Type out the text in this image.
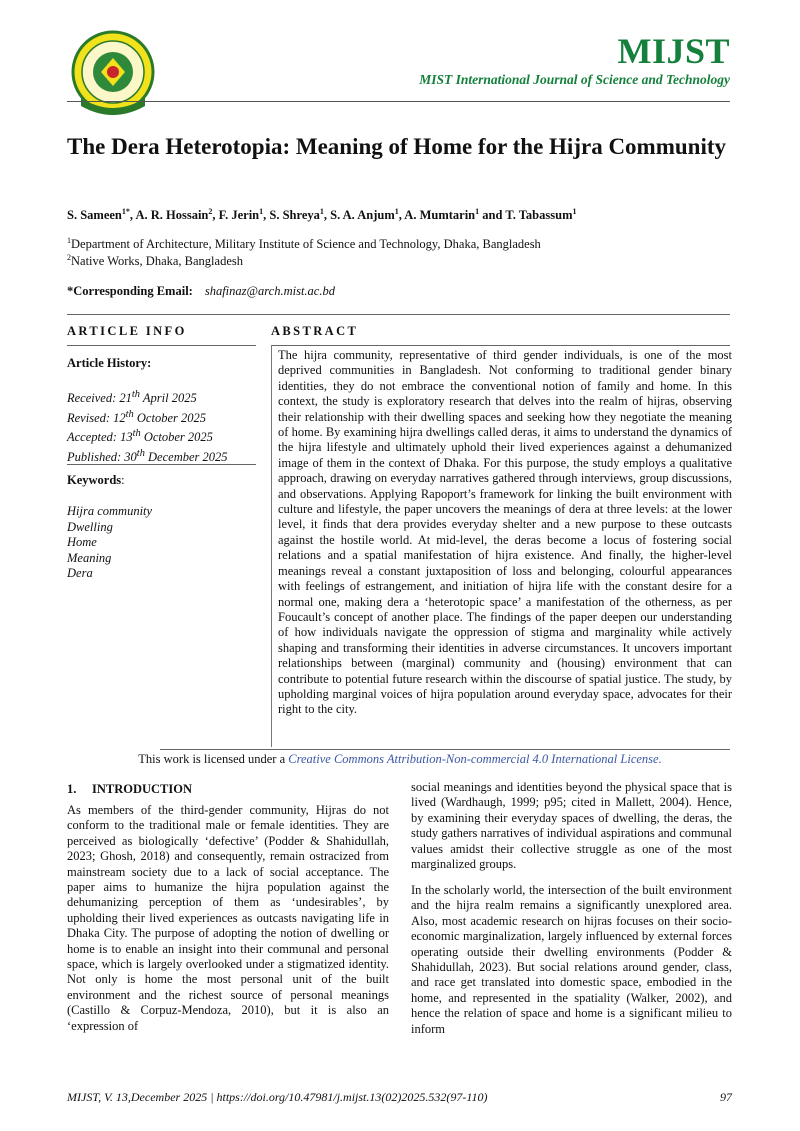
MIJST
MIST International Journal of Science and Technology
The Dera Heterotopia: Meaning of Home for the Hijra Community
S. Sameen$^{1*}$, A. R. Hossain$^2$, F. Jerin$^1$, S. Shreya$^1$, S. A. Anjum$^1$, A. Mumtarin$^1$ and T. Tabassum$^1$
$^1$Department of Architecture, Military Institute of Science and Technology, Dhaka, Bangladesh
$^2$Native Works, Dhaka, Bangladesh
*Corresponding Email: shafinaz@arch.mist.ac.bd
ARTICLE INFO
Article History:
Received: 21th April 2025
Revised: 12th October 2025
Accepted: 13th October 2025
Published: 30th December 2025
Keywords:
Hijra community
Dwelling
Home
Meaning
Dera
ABSTRACT
The hijra community, representative of third gender individuals, is one of the most deprived communities in Bangladesh. Not conforming to traditional gender binary identities, they do not embrace the conventional notion of family and home. In this context, the study is exploratory research that delves into the realm of hijras, observing their relationship with their dwelling spaces and seeking how they negotiate the meaning of home. By examining hijra dwellings called deras, it aims to understand the dynamics of the hijra lifestyle and ultimately uphold their lived experiences against a dehumanized image of them in the context of Dhaka. For this purpose, the study employs a qualitative approach, drawing on everyday narratives gathered through interviews, group discussions, and observations. Applying Rapoport’s framework for linking the built environment with culture and lifestyle, the paper uncovers the meanings of dera at three levels: at the lower level, it finds that dera provides everyday shelter and a new purpose to these outcasts against the hostile world. At mid-level, the deras become a locus of fostering social relations and a spatial manifestation of hijra existence. And finally, the higher-level meanings reveal a constant juxtaposition of loss and belonging, colourful appearances with feelings of estrangement, and initiation of hijra life with the constant desire for a normal one, making dera a ‘heterotopic space’ a manifestation of the otherness, as per Foucault’s concept of another place. The findings of the paper deepen our understanding of how individuals navigate the oppression of stigma and marginality while actively shaping and transforming their identities in adverse circumstances. It uncovers important relationships between (marginal) community and (housing) environment that can contribute to potential future research within the discourse of spatial justice. The study, by upholding marginal voices of hijra population around everyday space, advocates for their right to the city.
This work is licensed under a Creative Commons Attribution-Non-commercial 4.0 International License.
1.     INTRODUCTION
As members of the third-gender community, Hijras do not conform to the traditional male or female identities. They are perceived as biologically ‘defective’ (Podder & Shahidullah, 2023; Ghosh, 2018) and consequently, remain ostracized from mainstream society due to a lack of social acceptance. The paper aims to humanize the hijra population against the dehumanizing perception of them as ‘undesirables’, by upholding their lived experiences as outcasts navigating life in Dhaka City. The purpose of adopting the notion of dwelling or home is to enable an insight into their communal and personal space, which is largely overlooked under a stigmatized identity. Not only is home the most personal unit of the built environment and the richest source of personal meanings (Castillo & Corpuz-Mendoza, 2010), but it is also an ‘expression of
social meanings and identities beyond the physical space that is lived (Wardhaugh, 1999; p95; cited in Mallett, 2004). Hence, by examining their everyday spaces of dwelling, the deras, the study gathers narratives of individual aspirations and communal values amidst their collective struggle as one of the most marginalized groups.
In the scholarly world, the intersection of the built environment and the hijra realm remains a significantly unexplored area. Also, most academic research on hijras focuses on their socio-economic marginalization, largely influenced by external forces operating outside their dwelling environments (Podder & Shahidullah, 2023). But social relations around gender, class, and race get translated into domestic space, embodied in the home, and represented in the spatiality (Walker, 2002), and hence the relation of space and home is a significant milieu to inform
MIJST, V. 13,December 2025 | https://doi.org/10.47981/j.mijst.13(02)2025.532(97-110)	97
